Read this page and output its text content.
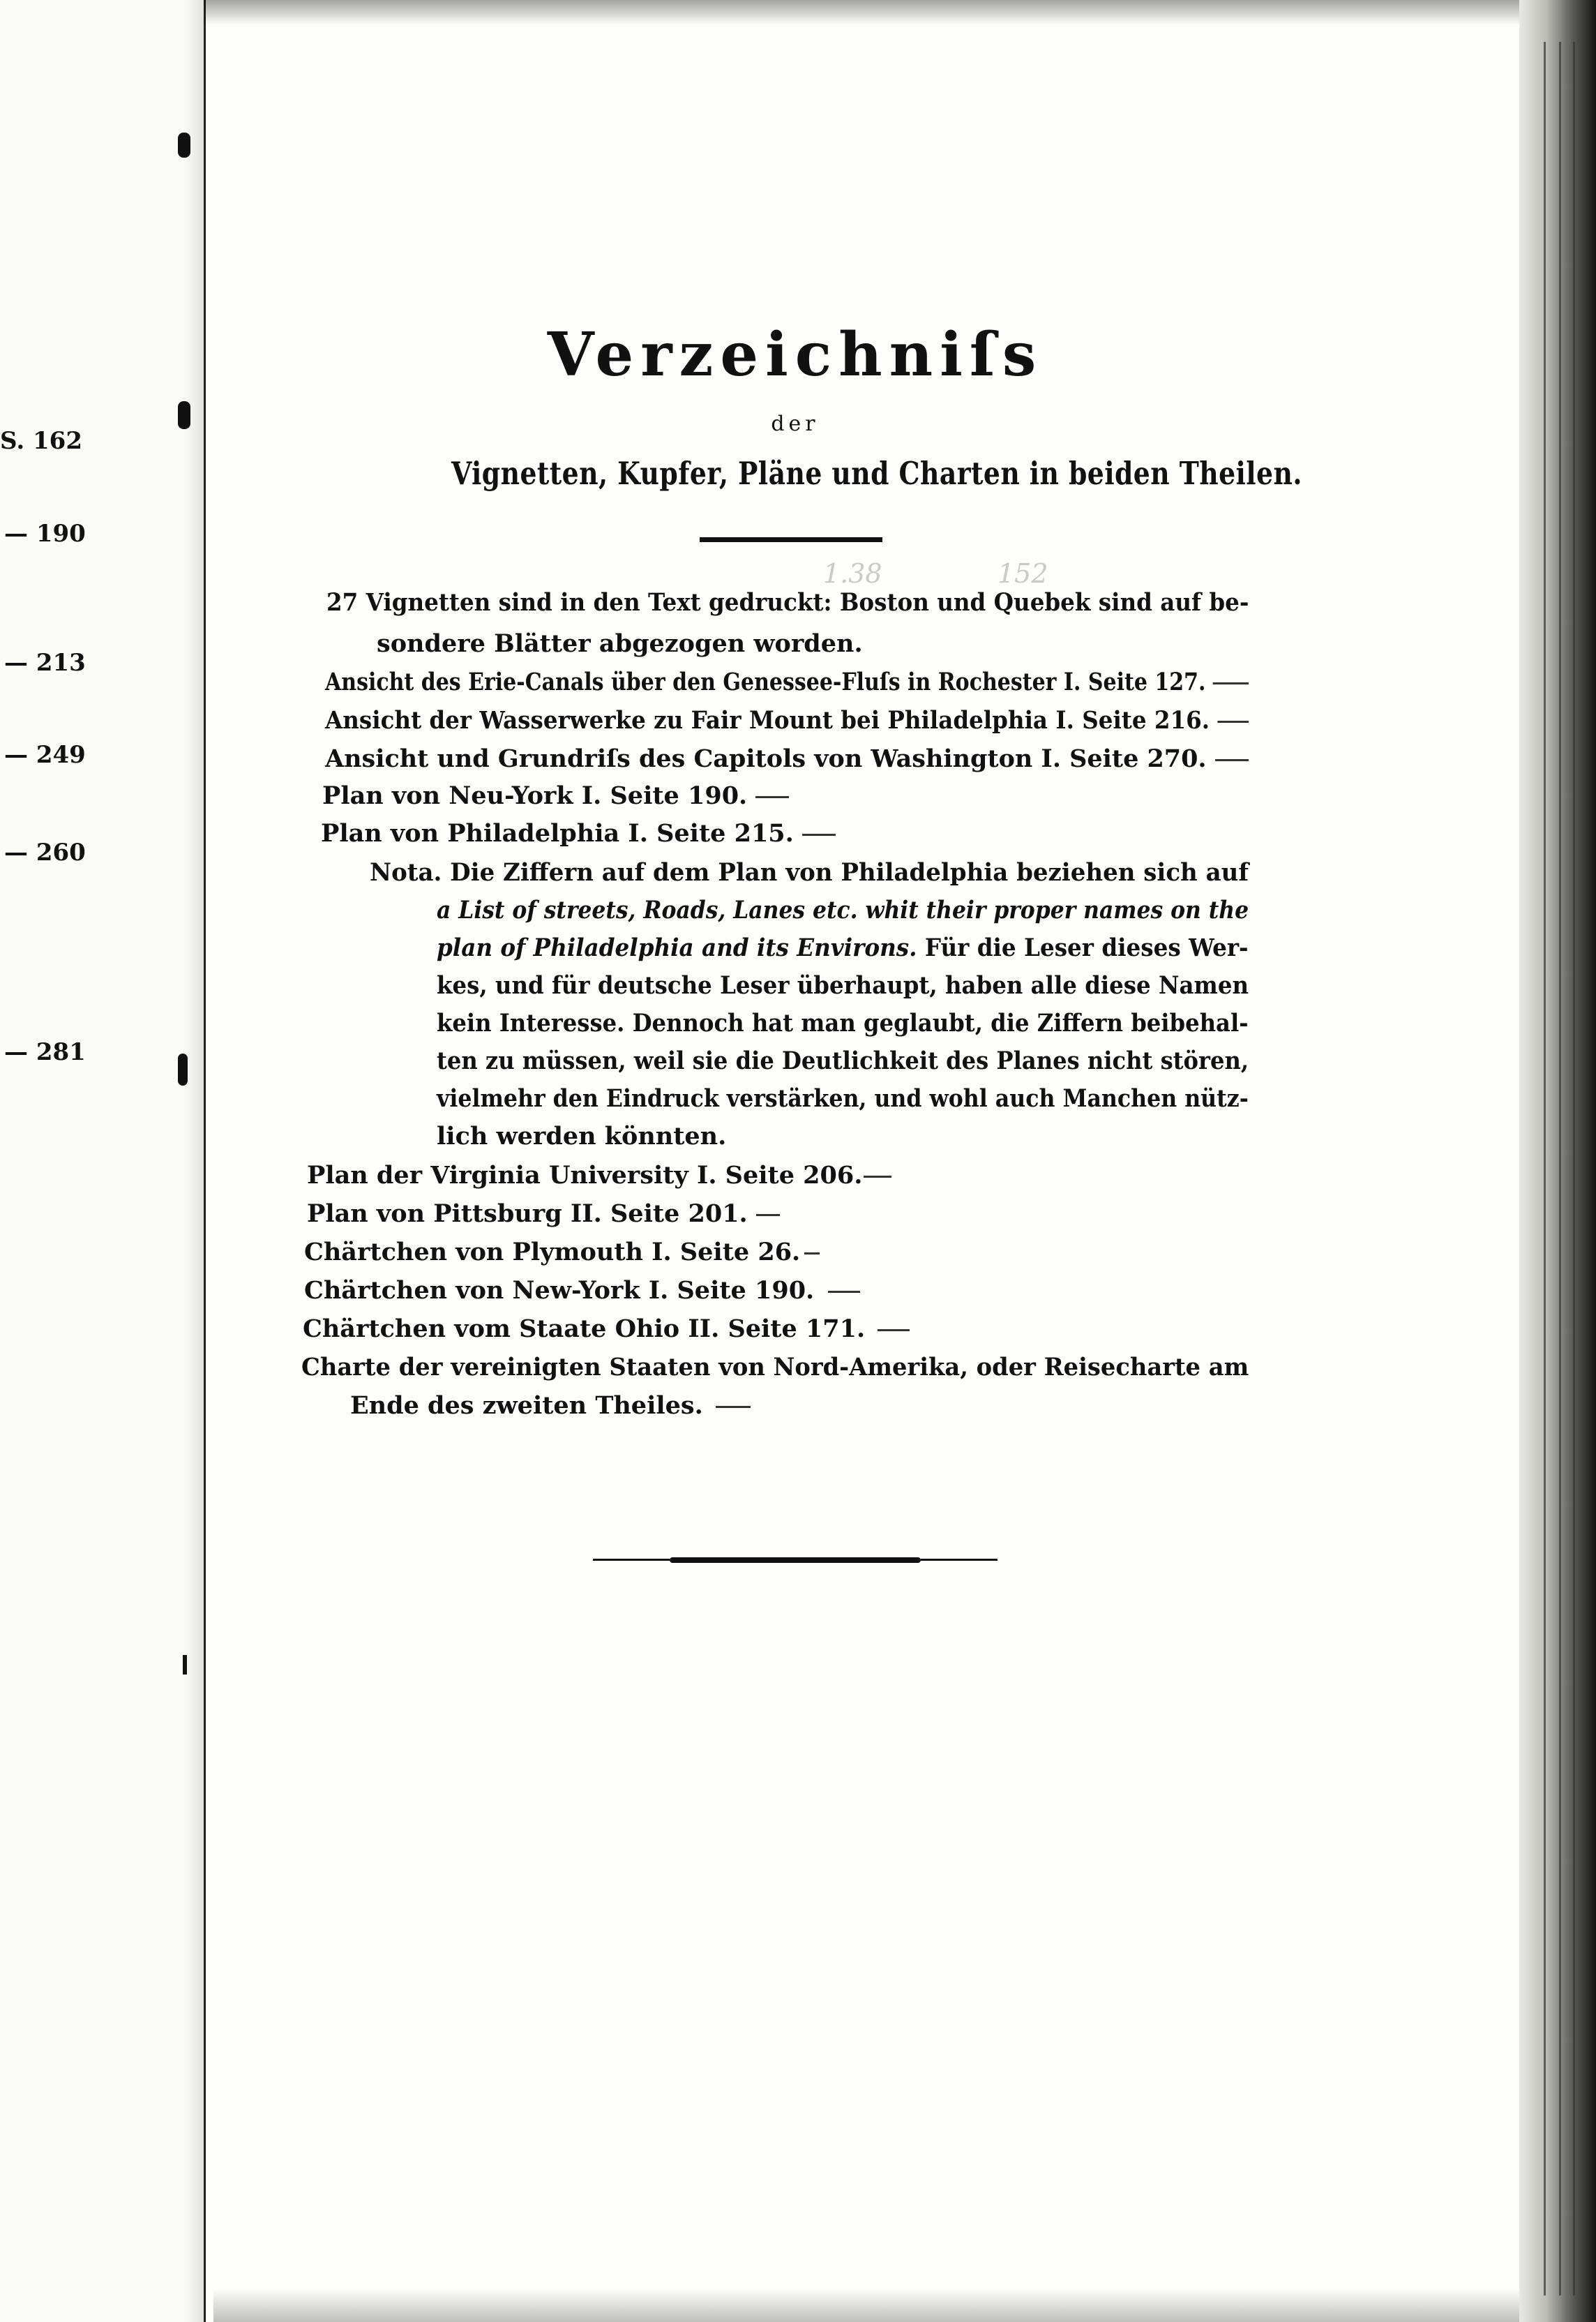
S. 162
— 190
— 213
— 249
— 260
— 281
Verzeichniſs
der
Vignetten, Kupfer, Pläne und Charten in beiden Theilen.
1.38	152
27 Vignetten sind in den Text gedruckt: Boston und Quebek sind auf be-
sondere Blätter abgezogen worden.
Ansicht des Erie-Canals über den Genessee-Fluſs in Rochester I. Seite 127.
Ansicht der Wasserwerke zu Fair Mount bei Philadelphia I. Seite 216.
Ansicht und Grundriſs des Capitols von Washington I. Seite 270.
Plan von Neu-York I. Seite 190.
Plan von Philadelphia I. Seite 215.
Nota. Die Ziffern auf dem Plan von Philadelphia beziehen sich auf
a List of streets, Roads, Lanes etc. whit their proper names on the
plan of Philadelphia and its Environs. Für die Leser dieses Wer-
kes, und für deutsche Leser überhaupt, haben alle diese Namen
kein Interesse. Dennoch hat man geglaubt, die Ziffern beibehal-
ten zu müssen, weil sie die Deutlichkeit des Planes nicht stören,
vielmehr den Eindruck verstärken, und wohl auch Manchen nütz-
lich werden könnten.
Plan der Virginia University I. Seite 206.
Plan von Pittsburg II. Seite 201.
Chärtchen von Plymouth I. Seite 26.
Chärtchen von New-York I. Seite 190.
Chärtchen vom Staate Ohio II. Seite 171.
Charte der vereinigten Staaten von Nord-Amerika, oder Reisecharte am
Ende des zweiten Theiles.
